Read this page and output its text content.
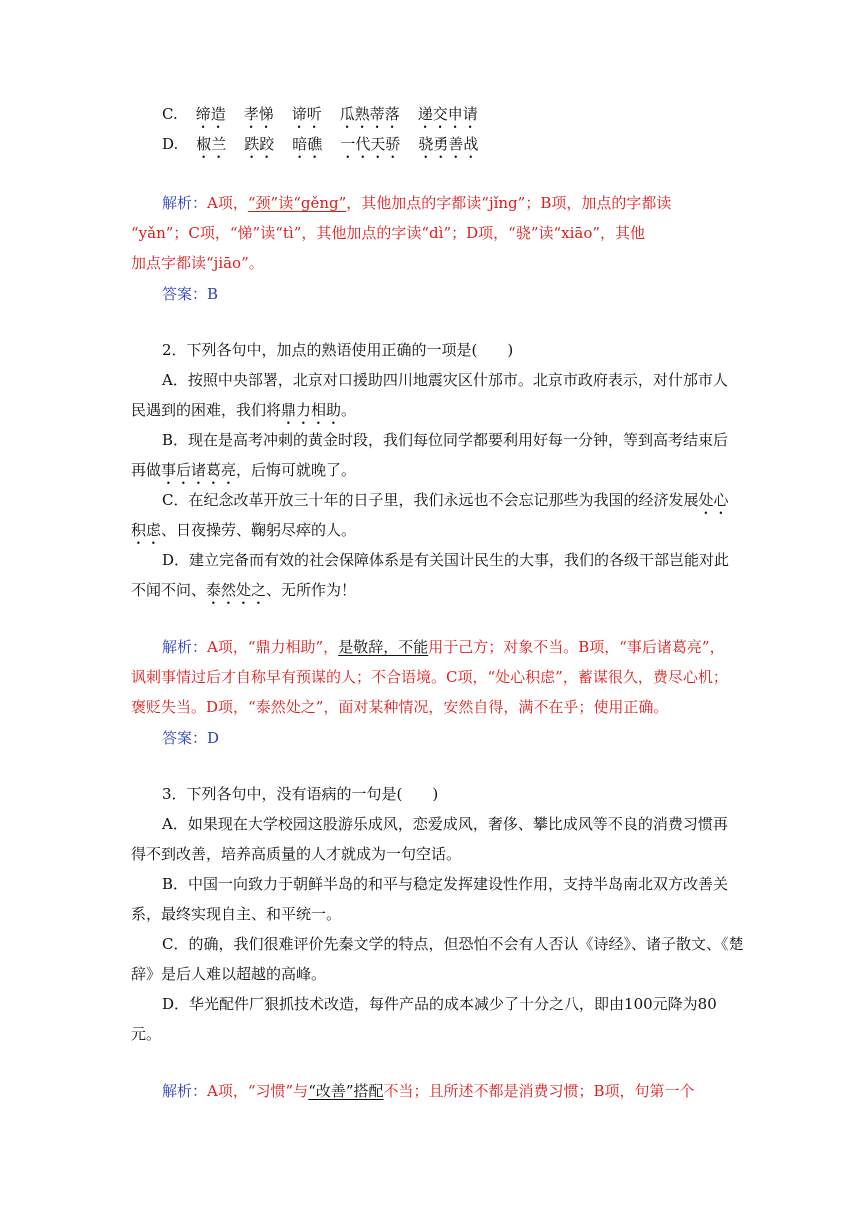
C. 缔造 孝悌 谛听 瓜熟蒂落 递交申请
D. 椒兰 跌跤 暗礁 一代天骄 骁勇善战
解析：A项，“颈”读“gěng”，其他加点的字都读“jǐng”；B项，加点的字都读
“yǎn”；C项，“悌”读“tì”，其他加点的字读“dì”；D项，“骁”读“xiāo”，其他
加点字都读“jiāo”。
答案：B
2．下列各句中，加点的熟语使用正确的一项是(　　)
A．按照中央部署，北京对口援助四川地震灾区什邡市。北京市政府表示，对什邡市人
民遇到的困难，我们将鼎力相助。
B．现在是高考冲刺的黄金时段，我们每位同学都要利用好每一分钟，等到高考结束后
再做事后诸葛亮，后悔可就晚了。
C．在纪念改革开放三十年的日子里，我们永远也不会忘记那些为我国的经济发展处心
积虑、日夜操劳、鞠躬尽瘁的人。
D．建立完备而有效的社会保障体系是有关国计民生的大事，我们的各级干部岂能对此
不闻不问、泰然处之、无所作为！
解析：A项，“鼎力相助”，是敬辞，不能用于己方；对象不当。B项，“事后诸葛亮”，
讽刺事情过后才自称早有预谋的人；不合语境。C项，“处心积虑”，蓄谋很久，费尽心机；
褒贬失当。D项，“泰然处之”，面对某种情况，安然自得，满不在乎；使用正确。
答案：D
3．下列各句中，没有语病的一句是(　　)
A．如果现在大学校园这股游乐成风，恋爱成风，奢侈、攀比成风等不良的消费习惯再
得不到改善，培养高质量的人才就成为一句空话。
B．中国一向致力于朝鲜半岛的和平与稳定发挥建设性作用，支持半岛南北双方改善关
系，最终实现自主、和平统一。
C．的确，我们很难评价先秦文学的特点，但恐怕不会有人否认《诗经》、诸子散文、《楚
辞》是后人难以超越的高峰。
D．华光配件厂狠抓技术改造，每件产品的成本减少了十分之八，即由100元降为80
元。
解析：A项，“习惯”与“改善”搭配不当；且所述不都是消费习惯；B项，句第一个
